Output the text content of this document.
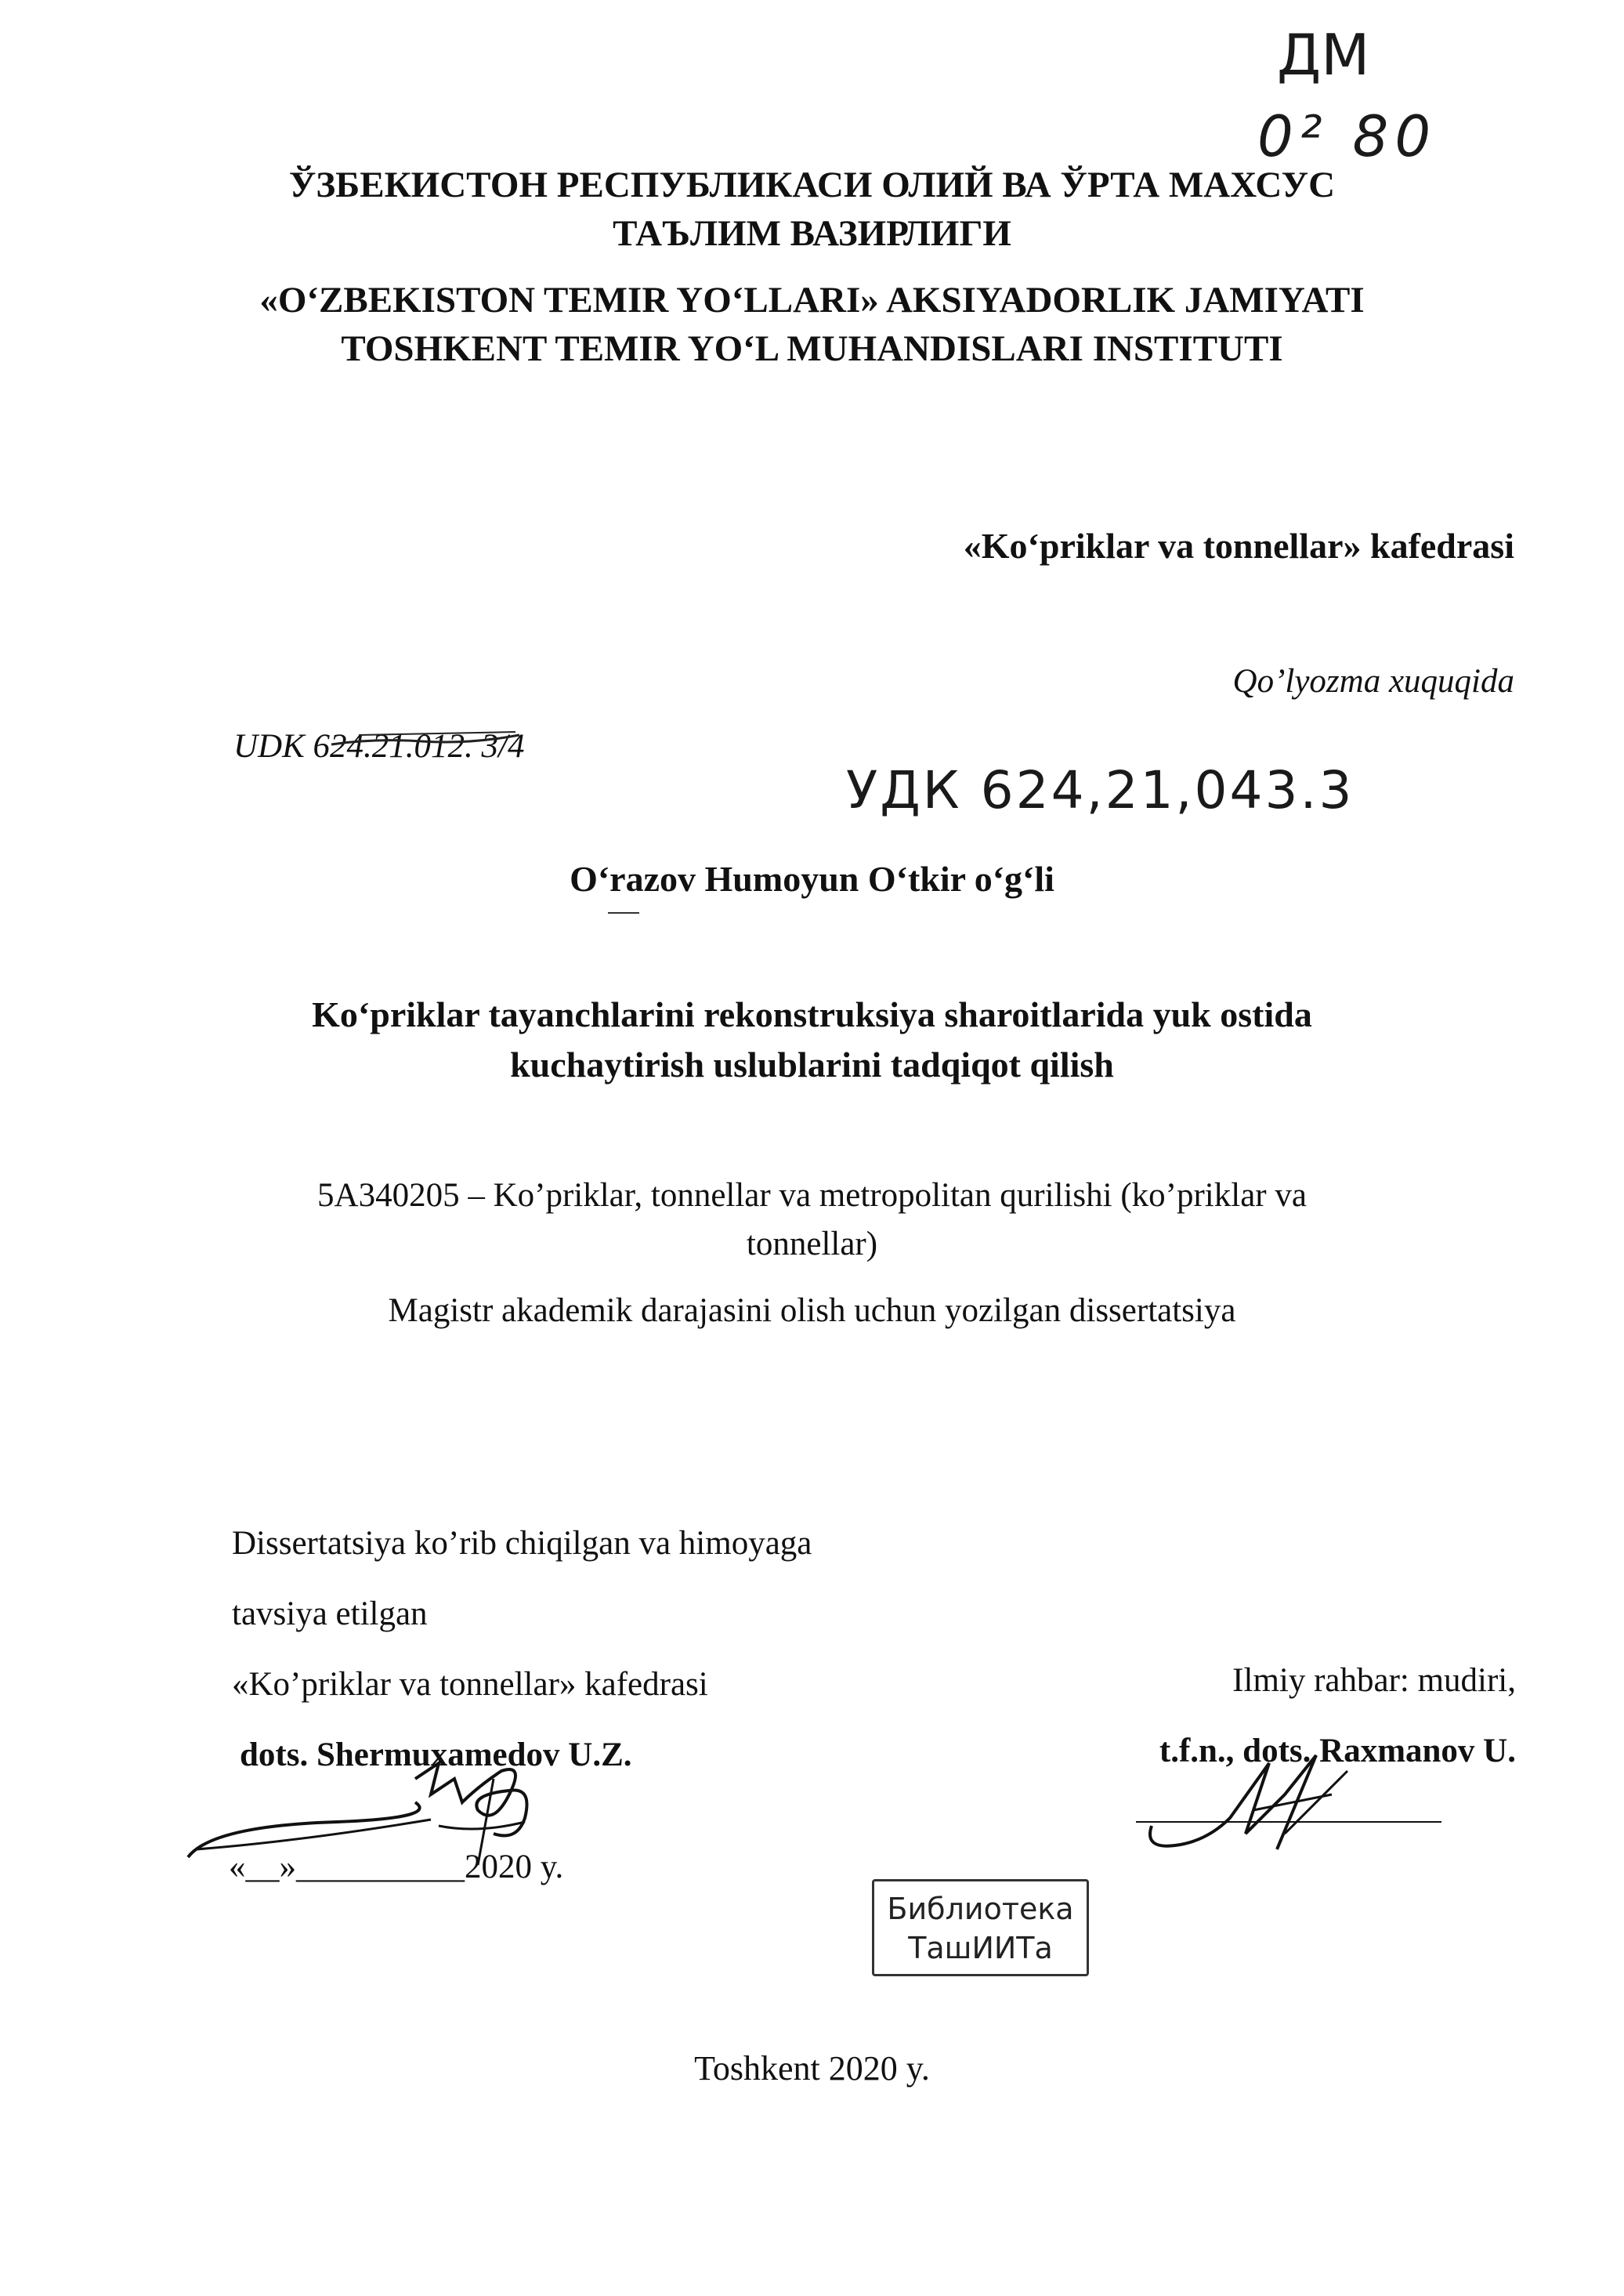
ДМ
0² 80
ЎЗБЕКИСТОН РЕСПУБЛИКАСИ ОЛИЙ ВА ЎРТА МАХСУС
ТАЪЛИМ ВАЗИРЛИГИ
«O‘ZBEKISTON TEMIR YO‘LLARI» AKSIYADORLIK JAMIYATI
TOSHKENT TEMIR YO‘L MUHANDISLARI INSTITUTI
«Ko‘priklar va tonnellar» kafedrasi
Qo’lyozma xuquqida
UDK 624.21.012. 3/4
УДК 624,21,043.3
O‘razov Humoyun O‘tkir o‘g‘li
Ko‘priklar tayanchlarini rekonstruksiya sharoitlarida yuk ostida
kuchaytirish uslublarini tadqiqot qilish
5A340205 – Ko’priklar, tonnellar va metropolitan qurilishi (ko’priklar va tonnellar)
Magistr akademik darajasini olish uchun yozilgan dissertatsiya
Dissertatsiya ko’rib chiqilgan va himoyaga
tavsiya etilgan
«Ko’priklar va tonnellar» kafedrasi
dots. Shermuxamedov U.Z.
«__»__________2020 y.
Ilmiy rahbar: mudiri,
t.f.n., dots. Raxmanov U.
Библиотека
ТашИИТа
Toshkent 2020 y.
